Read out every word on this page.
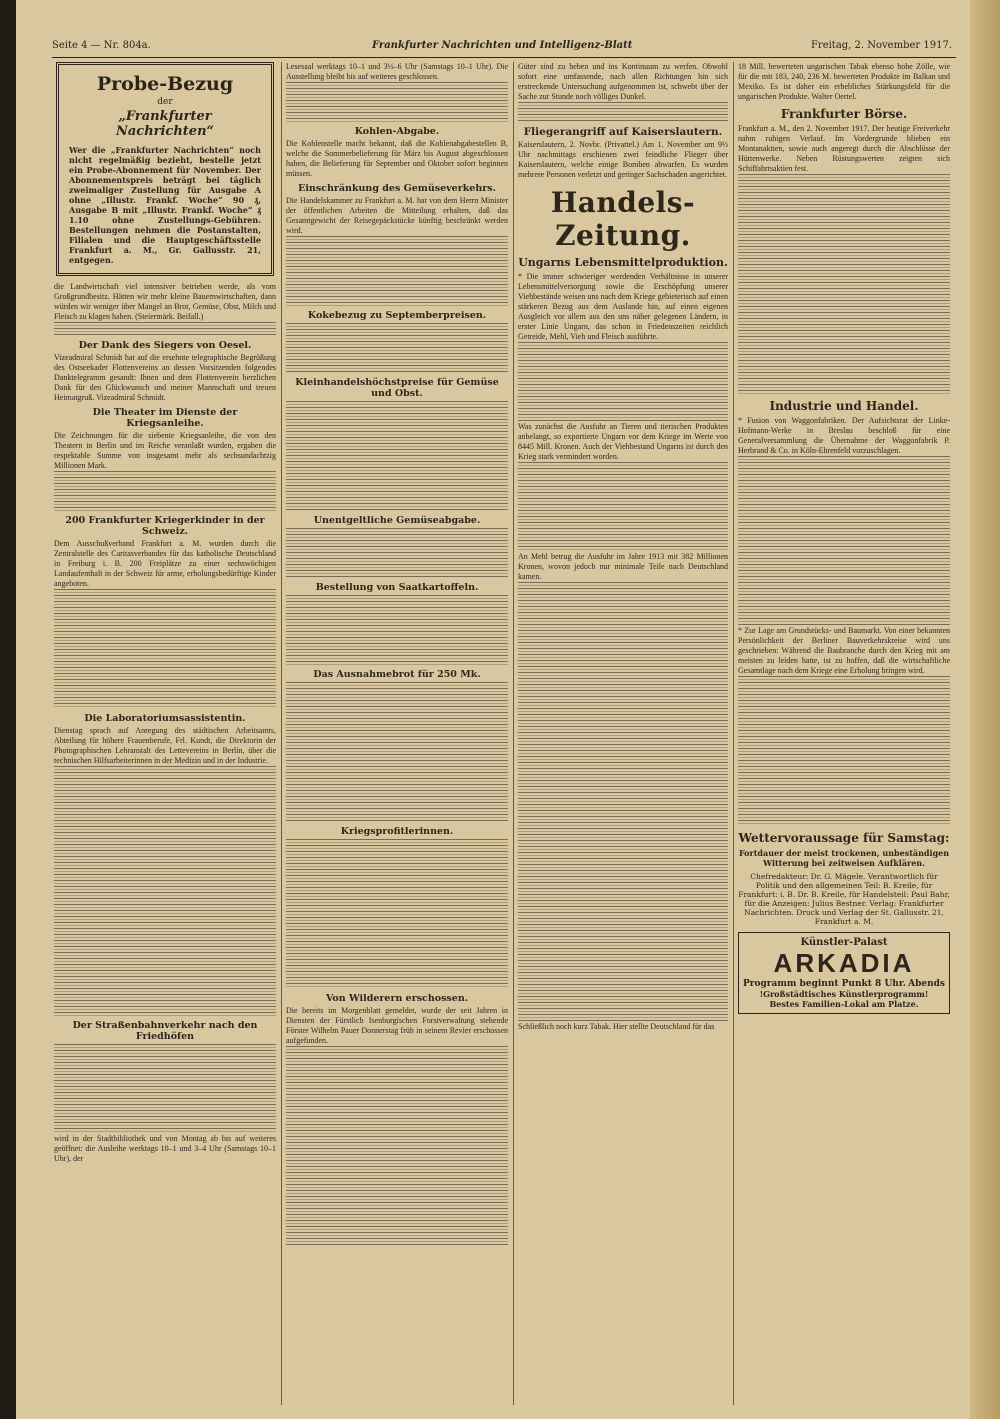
Seite 4 — Nr. 804a.	Frankfurter Nachrichten und Intelligenz-Blatt	Freitag, 2. November 1917.
Probe-Bezug
der
„Frankfurter Nachrichten“
Wer die „Frankfurter Nachrichten“ noch nicht regelmäßig bezieht, bestelle jetzt ein Probe-Abonnement für November. Der Abonnementspreis beträgt bei täglich zweimaliger Zustellung für Ausgabe A ohne „Illustr. Frankf. Woche“ 90 ₰, Ausgabe B mit „Illustr. Frankf. Woche“ ₰ 1.10 ohne Zustellungs-Gebühren. Bestellungen nehmen die Postanstalten, Filialen und die Hauptgeschäftsstelle Frankfurt a. M., Gr. Gallusstr. 21, entgegen.

die Landwirtschaft viel intensiver betrieben werde, als vom Großgrundbesitz. Hätten wir mehr kleine Bauernwirtschaften, dann würden wir weniger über Mangel an Brot, Gemüse, Obst, Milch und Fleisch zu klagen haben. (Steiermärk. Beifall.)

Der Dank des Siegers von Oesel.

Vizeadmiral Schmidt hat auf die ersehnte telegraphische Begrüßung des Ostseekader Flottenvereins an dessen Vorsitzenden folgendes Danktelegramm gesandt: Ihnen und dem Flottenverein herzlichen Dank für den Glückwunsch und meiner Mannschaft und treuen Heimatgruß. Vizeadmiral Schmidt.

Die Theater im Dienste der Kriegsanleihe.

Die Zeichnungen für die siebente Kriegsanleihe, die von den Theatern in Berlin und im Reiche veranlaßt wurden, ergaben die respektable Summe von insgesamt mehr als sechsundachtzig Millionen Mark.

200 Frankfurter Kriegerkinder in der Schweiz.

Dem Ausschußverband Frankfurt a. M. wurden durch die Zentralstelle des Caritasverbandes für das katholische Deutschland in Freiburg i. B. 200 Freiplätze zu einer sechswöchigen Landaufenthalt in der Schweiz für arme, erholungsbedürftige Kinder angeboten.

Die Laboratoriumsassistentin.

Dienstag sprach auf Anregung des städtischen Arbeitsamts, Abteilung für höhere Frauenberufe, Frl. Kundt, die Direktorin der Photographischen Lehranstalt des Lettevereins in Berlin, über die technischen Hilfsarbeiterinnen in der Medizin und in der Industrie.

Der Straßenbahnverkehr nach den Friedhöfen

wird in der Stadtbibliothek und von Montag ab bis auf weiteres geöffnet: die Ausleihe werktags 10–1 und 3–4 Uhr (Samstags 10–1 Uhr), der

Lesesaal werktags 10–1 und 3½–6 Uhr (Samstags 10–1 Uhr). Die Ausstellung bleibt bis auf weiteres geschlossen.

Kohlen-Abgabe.

Die Kohlenstelle macht bekannt, daß die Kohlenabgabestellen B, welche die Sommerbelieferung für März bis August abgeschlossen haben, die Belieferung für September und Oktober sofort beginnen müssen.

Einschränkung des Gemüseverkehrs.

Die Handelskammer zu Frankfurt a. M. hat von dem Herrn Minister der öffentlichen Arbeiten die Mitteilung erhalten, daß das Gesamtgewicht der Reisegepäckstücke künftig beschränkt werden wird.

Kokebezug zu Septemberpreisen.
Kleinhandelshöchstpreise für Gemüse und Obst.
Unentgeltliche Gemüseabgabe.
Bestellung von Saatkartoffeln.
Das Ausnahmebrot für 250 Mk.
Kriegsprofitlerinnen.
Von Wilderern erschossen.

Die bereits im Morgenblatt gemeldet, wurde der seit Jahren in Diensten der Fürstlich Isenburgischen Forstverwaltung stehende Förster Wilhelm Pauer Donnerstag früh in seinem Revier erschossen aufgefunden.

Güter sind zu heben und ins Kontinuum zu werfen. Obwohl sofort eine umfassende, nach allen Richtungen hin sich erstreckende Untersuchung aufgenommen ist, schwebt über der Sache zur Stunde noch völliges Dunkel.

Fliegerangriff auf Kaiserslautern.

Kaiserslautern, 2. Novbr. (Privattel.) Am 1. November um 9½ Uhr nachmittags erschienen zwei feindliche Flieger über Kaiserslautern, welche einige Bomben abwarfen. Es wurden mehrere Personen verletzt und geringer Sachschaden angerichtet.

Handels-Zeitung.
Ungarns Lebensmittelproduktion.

* Die immer schwieriger werdenden Verhältnisse in unserer Lebensmittelversorgung sowie die Erschöpfung unserer Viehbestände weisen uns nach dem Kriege gebieterisch auf einen stärkeren Bezug aus dem Auslande hin, auf einen eigenen Ausgleich vor allem aus den uns näher gelegenen Ländern, in erster Linie Ungarn, das schon in Friedenszeiten reichlich Getreide, Mehl, Vieh und Fleisch ausführte.

Was zunächst die Ausfuhr an Tieren und tierischen Produkten anbelangt, so exportierte Ungarn vor dem Kriege im Werte von 8445 Mill. Kronen. Auch der Viehbestand Ungarns ist durch den Krieg stark vermindert worden.

An Mehl betrug die Ausfuhr im Jahre 1913 mit 382 Millionen Kronen, wovon jedoch nur minimale Teile nach Deutschland kamen.

Schließlich noch kurz Tabak. Hier stellte Deutschland für das

18 Mill. bewerteten ungarischen Tabak ebenso hohe Zölle, wie für die mit 183, 240, 236 M. bewerteten Produkte im Balkan und Mexiko. Es ist daher ein erhebliches Stärkungsfeld für die ungarischen Produkte. Walter Oertel.

Frankfurter Börse.

Frankfurt a. M., den 2. November 1917. Der heutige Freiverkehr nahm ruhigen Verlauf. Im Vordergrunde blieben ein Montanaktien, sowie auch angeregt durch die Abschlüsse der Hüttenwerke. Neben Rüstungswerten zeigten sich Schiffahrtsaktien fest.

Industrie und Handel.

* Fusion von Waggonfabriken. Der Aufsichtsrat der Linke-Hofmann-Werke in Breslau beschloß für eine Generalversammlung die Übernahme der Waggonfabrik P. Herbrand & Co. in Köln-Ehrenfeld vorzuschlagen.

* Zur Lage am Grundstücks- und Baumarkt. Von einer bekannten Persönlichkeit der Berliner Bauverkehrskreise wird uns geschrieben: Während die Baubranche durch den Krieg mit am meisten zu leiden hatte, ist zu hoffen, daß die wirtschaftliche Gesamtlage nach dem Kriege eine Erholung bringen wird.

Wettervoraussage für Samstag:
Fortdauer der meist trockenen, unbeständigen Witterung bei zeitweisen Aufklären.
Chefredakteur: Dr. G. Mägele. Verantwortlich für Politik und den allgemeinen Teil: B. Kreile, für Frankfurt: i. B. Dr. B. Kreile, für Handelsteil: Paul Bahr, für die Anzeigen: Julius Bestner. Verlag: Frankfurter Nachrichten. Druck und Verlag der St. Gallusstr. 21, Frankfurt a. M.
Künstler-Palast
ARKADIA
Programm beginnt Punkt 8 Uhr. Abends
!Großstädtisches Künstlerprogramm!
Bestes Familien-Lokal am Platze.
